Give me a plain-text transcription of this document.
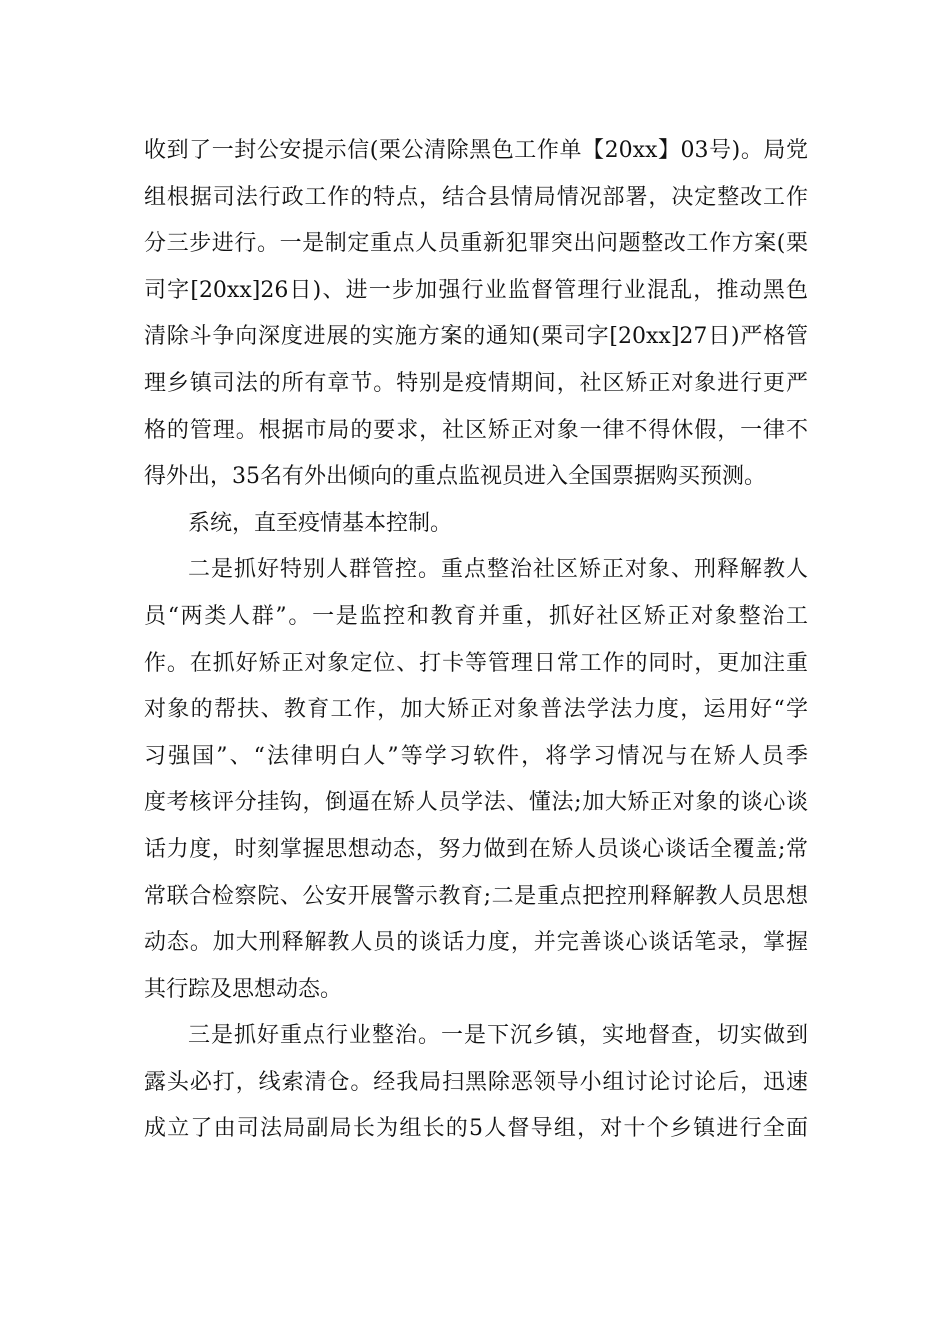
收到了一封公安提示信(栗公清除黑色工作单【20xx】03号)。局党
组根据司法行政工作的特点，结合县情局情况部署，决定整改工作
分三步进行。一是制定重点人员重新犯罪突出问题整改工作方案(栗
司字[20xx]26日)、进一步加强行业监督管理行业混乱，推动黑色
清除斗争向深度进展的实施方案的通知(栗司字[20xx]27日)严格管
理乡镇司法的所有章节。特别是疫情期间，社区矫正对象进行更严
格的管理。根据市局的要求，社区矫正对象一律不得休假，一律不
得外出，35名有外出倾向的重点监视员进入全国票据购买预测。
系统，直至疫情基本控制。
二是抓好特别人群管控。重点整治社区矫正对象、刑释解教人
员“两类人群”。一是监控和教育并重，抓好社区矫正对象整治工
作。在抓好矫正对象定位、打卡等管理日常工作的同时，更加注重
对象的帮扶、教育工作，加大矫正对象普法学法力度，运用好“学
习强国”、“法律明白人”等学习软件，将学习情况与在矫人员季
度考核评分挂钩，倒逼在矫人员学法、懂法;加大矫正对象的谈心谈
话力度，时刻掌握思想动态，努力做到在矫人员谈心谈话全覆盖;常
常联合检察院、公安开展警示教育;二是重点把控刑释解教人员思想
动态。加大刑释解教人员的谈话力度，并完善谈心谈话笔录，掌握
其行踪及思想动态。
三是抓好重点行业整治。一是下沉乡镇，实地督查，切实做到
露头必打，线索清仓。经我局扫黑除恶领导小组讨论讨论后，迅速
成立了由司法局副局长为组长的5人督导组，对十个乡镇进行全面
